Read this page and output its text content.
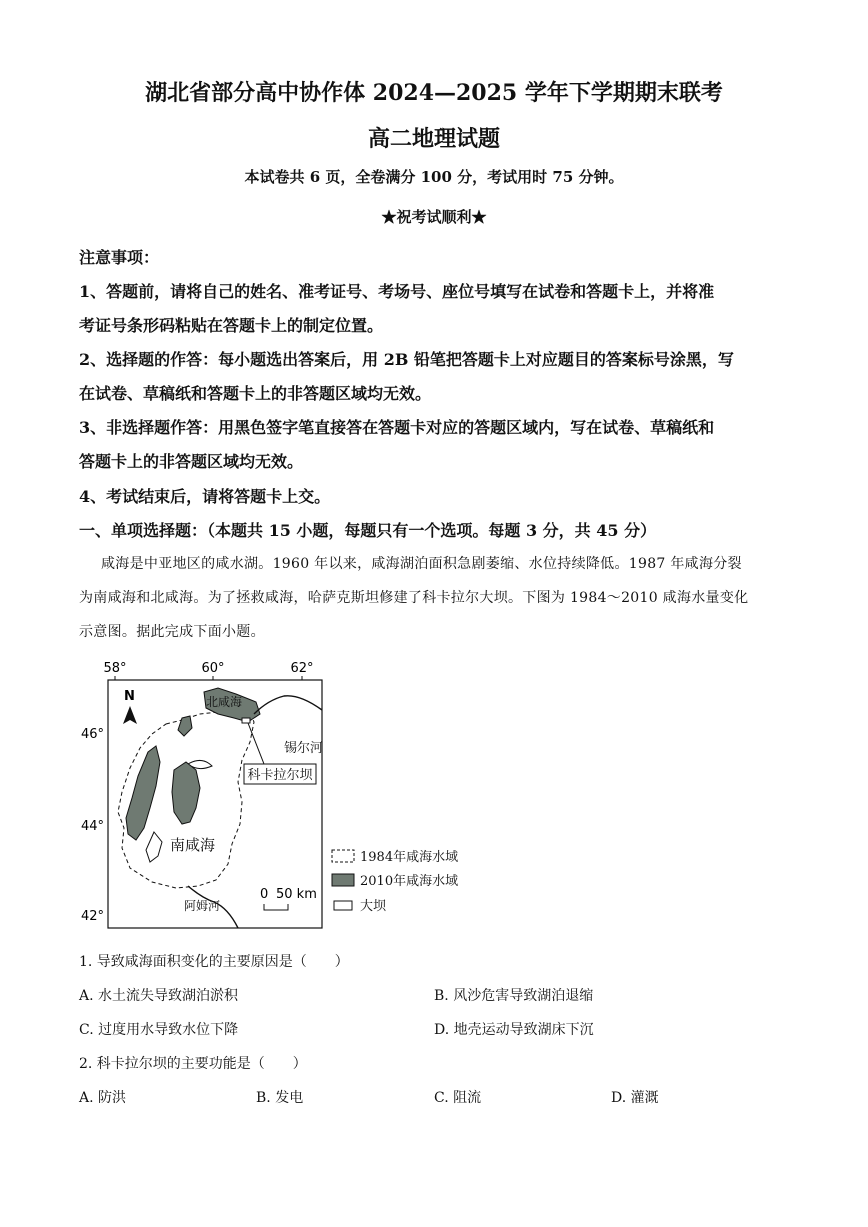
湖北省部分高中协作体 2024—2025 学年下学期期末联考
高二地理试题
本试卷共 6 页，全卷满分 100 分，考试用时 75 分钟。
★祝考试顺利★
注意事项：
1、答题前，请将自己的姓名、准考证号、考场号、座位号填写在试卷和答题卡上，并将准
考证号条形码粘贴在答题卡上的制定位置。
2、选择题的作答：每小题选出答案后，用 2B 铅笔把答题卡上对应题目的答案标号涂黑，写
在试卷、草稿纸和答题卡上的非答题区域均无效。
3、非选择题作答：用黑色签字笔直接答在答题卡对应的答题区域内，写在试卷、草稿纸和
答题卡上的非答题区域均无效。
4、考试结束后，请将答题卡上交。
一、单项选择题：（本题共 15 小题，每题只有一个选项。每题 3 分，共 45 分）
咸海是中亚地区的咸水湖。1960 年以来，咸海湖泊面积急剧萎缩、水位持续降低。1987 年咸海分裂
为南咸海和北咸海。为了拯救咸海，哈萨克斯坦修建了科卡拉尔大坝。下图为 1984～2010 咸海水量变化
示意图。据此完成下面小题。
58°	60°	62°
46°
44°
42°
N	北咸海
南咸海
锡尔河
科卡拉尔坝
阿姆河
0 50 km
1984年咸海水域
2010年咸海水域
大坝
1. 导致咸海面积变化的主要原因是（　　）
A. 水土流失导致湖泊淤积	B. 风沙危害导致湖泊退缩
C. 过度用水导致水位下降	D. 地壳运动导致湖床下沉
2. 科卡拉尔坝的主要功能是（　　）
A. 防洪	B. 发电	C. 阻流	D. 灌溉
